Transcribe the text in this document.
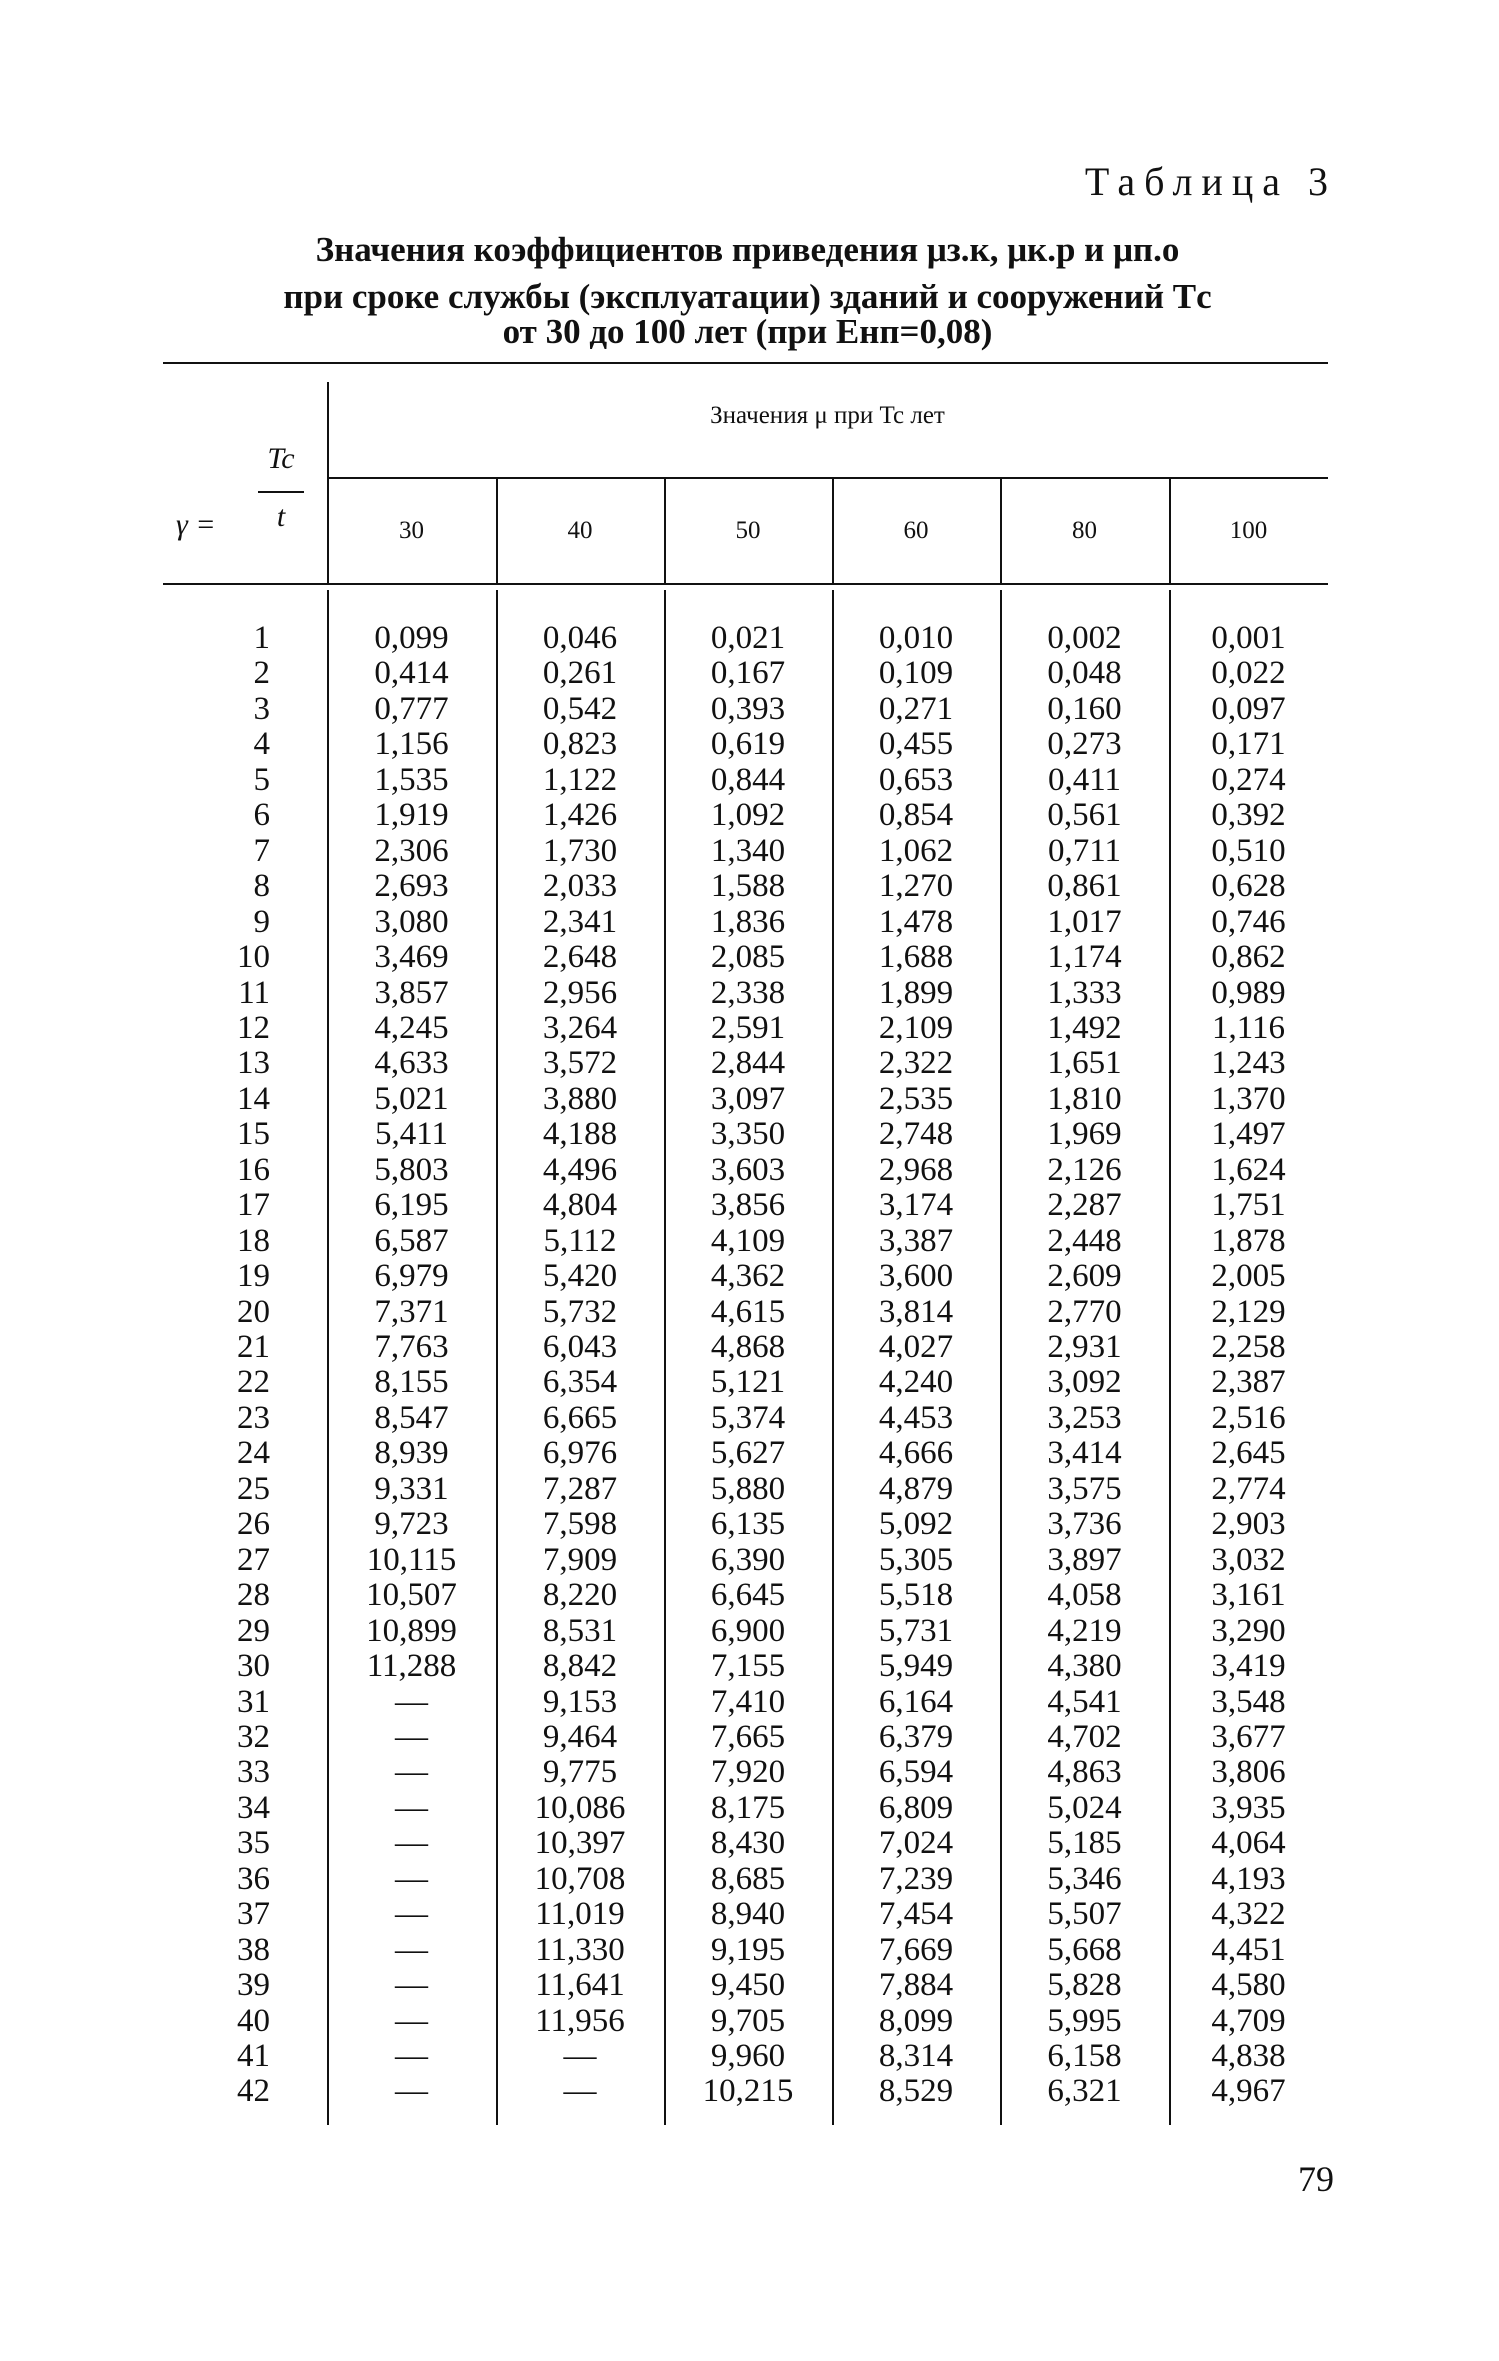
Таблица 3
Значения коэффициентов приведения μз.к, μк.р и μп.о
при сроке службы (эксплуатации) зданий и сооружений Tс
от 30 до 100 лет (при Eнп=0,08)
Значения μ при Tc лет
γ =
Tc
t	30	40	50	60	80	100
1	0,099	0,046	0,021	0,010	0,002	0,001
2	0,414	0,261	0,167	0,109	0,048	0,022
3	0,777	0,542	0,393	0,271	0,160	0,097
4	1,156	0,823	0,619	0,455	0,273	0,171
5	1,535	1,122	0,844	0,653	0,411	0,274
6	1,919	1,426	1,092	0,854	0,561	0,392
7	2,306	1,730	1,340	1,062	0,711	0,510
8	2,693	2,033	1,588	1,270	0,861	0,628
9	3,080	2,341	1,836	1,478	1,017	0,746
10	3,469	2,648	2,085	1,688	1,174	0,862
11	3,857	2,956	2,338	1,899	1,333	0,989
12	4,245	3,264	2,591	2,109	1,492	1,116
13	4,633	3,572	2,844	2,322	1,651	1,243
14	5,021	3,880	3,097	2,535	1,810	1,370
15	5,411	4,188	3,350	2,748	1,969	1,497
16	5,803	4,496	3,603	2,968	2,126	1,624
17	6,195	4,804	3,856	3,174	2,287	1,751
18	6,587	5,112	4,109	3,387	2,448	1,878
19	6,979	5,420	4,362	3,600	2,609	2,005
20	7,371	5,732	4,615	3,814	2,770	2,129
21	7,763	6,043	4,868	4,027	2,931	2,258
22	8,155	6,354	5,121	4,240	3,092	2,387
23	8,547	6,665	5,374	4,453	3,253	2,516
24	8,939	6,976	5,627	4,666	3,414	2,645
25	9,331	7,287	5,880	4,879	3,575	2,774
26	9,723	7,598	6,135	5,092	3,736	2,903
27	10,115	7,909	6,390	5,305	3,897	3,032
28	10,507	8,220	6,645	5,518	4,058	3,161
29	10,899	8,531	6,900	5,731	4,219	3,290
30	11,288	8,842	7,155	5,949	4,380	3,419
31	—	9,153	7,410	6,164	4,541	3,548
32	—	9,464	7,665	6,379	4,702	3,677
33	—	9,775	7,920	6,594	4,863	3,806
34	—	10,086	8,175	6,809	5,024	3,935
35	—	10,397	8,430	7,024	5,185	4,064
36	—	10,708	8,685	7,239	5,346	4,193
37	—	11,019	8,940	7,454	5,507	4,322
38	—	11,330	9,195	7,669	5,668	4,451
39	—	11,641	9,450	7,884	5,828	4,580
40	—	11,956	9,705	8,099	5,995	4,709
41	—	—	9,960	8,314	6,158	4,838
42	—	—	10,215	8,529	6,321	4,967
79
